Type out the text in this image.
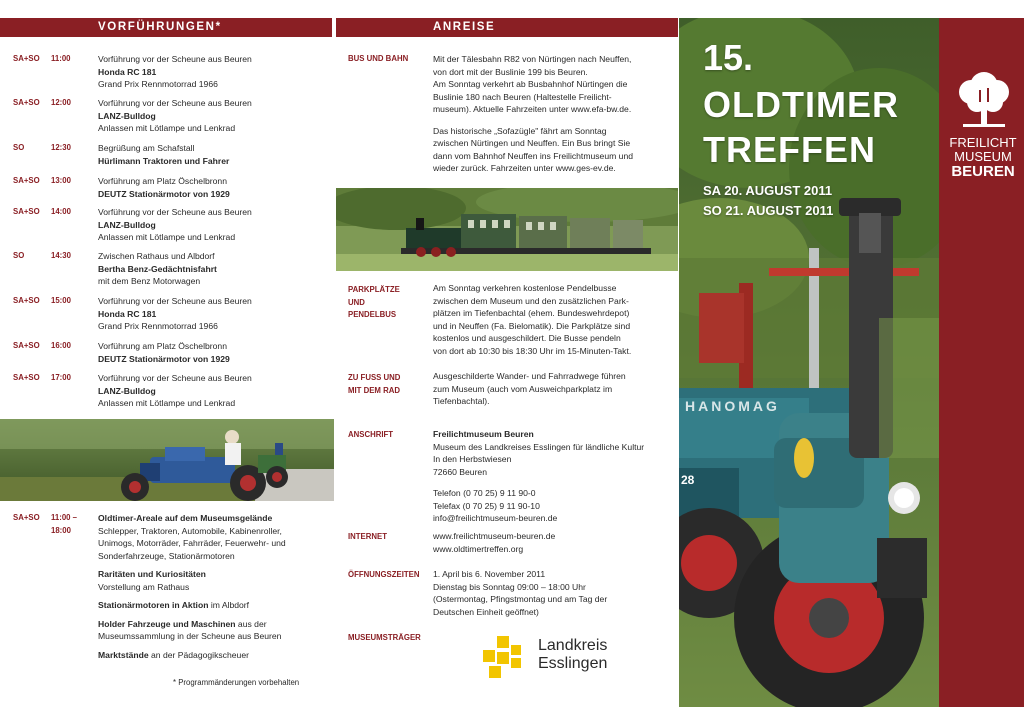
VORFÜHRUNGEN*	ANREISE
SA+SO 11:00	Vorführung vor der Scheune aus Beuren
Honda RC 181
Grand Prix Rennmotorrad 1966
SA+SO 12:00	Vorführung vor der Scheune aus Beuren
LANZ-Bulldog
Anlassen mit Lötlampe und Lenkrad
SO	12:30	Begrüßung am Schafstall
Hürlimann Traktoren und Fahrer
SA+SO 13:00	Vorführung am Platz Öschelbronn
DEUTZ Stationärmotor von 1929
SA+SO 14:00	Vorführung vor der Scheune aus Beuren
LANZ-Bulldog
Anlassen mit Lötlampe und Lenkrad
SO	14:30	Zwischen Rathaus und Albdorf
Bertha Benz-Gedächtnisfahrt
mit dem Benz Motorwagen
SA+SO 15:00	Vorführung vor der Scheune aus Beuren
Honda RC 181
Grand Prix Rennmotorrad 1966
SA+SO 16:00	Vorführung am Platz Öschelbronn
DEUTZ Stationärmotor von 1929
SA+SO 17:00	Vorführung vor der Scheune aus Beuren
LANZ-Bulldog
Anlassen mit Lötlampe und Lenkrad
SA+SO 11:00 –
18:00
Oldtimer-Areale auf dem Museumsgelände
Schlepper, Traktoren, Automobile, Kabinenroller,
Unimogs, Motorräder, Fahrräder, Feuerwehr- und
Sonderfahrzeuge, Stationärmotoren
Raritäten und Kuriositäten
Vorstellung am Rathaus
Stationärmotoren in Aktion im Albdorf
Holder Fahrzeuge und Maschinen aus der
Museumssammlung in der Scheune aus Beuren
Marktstände an der Pädagogikscheuer
* Programmänderungen vorbehalten
BUS UND BAHN	Mit der Tälesbahn R82 von Nürtingen nach Neuffen,
von dort mit der Buslinie 199 bis Beuren.
Am Sonntag verkehrt ab Busbahnhof Nürtingen die
Buslinie 180 nach Beuren (Haltestelle Freilicht-
museum). Aktuelle Fahrzeiten unter www.efa-bw.de.
Das historische „Sofazügle" fährt am Sonntag
zwischen Nürtingen und Neuffen. Ein Bus bringt Sie
dann vom Bahnhof Neuffen ins Freilichtmuseum und
wieder zurück. Fahrzeiten unter www.ges-ev.de.
PARKPLÄTZE
UND
PENDELBUS
Am Sonntag verkehren kostenlose Pendelbusse
zwischen dem Museum und den zusätzlichen Park-
plätzen im Tiefenbachtal (ehem. Bundeswehrdepot)
und in Neuffen (Fa. Bielomatik). Die Parkplätze sind
kostenlos und ausgeschildert. Die Busse pendeln
von dort ab 10:30 bis 18:30 Uhr im 15-Minuten-Takt.
ZU FUSS UND
MIT DEM RAD
Ausgeschilderte Wander- und Fahrradwege führen
zum Museum (auch vom Ausweichparkplatz im
Tiefenbachtal).
ANSCHRIFT	Freilichtmuseum Beuren
Museum des Landkreises Esslingen für ländliche Kultur
In den Herbstwiesen
72660 Beuren
Telefon (0 70 25) 9 11 90-0
Telefax (0 70 25) 9 11 90-10
info@freilichtmuseum-beuren.de
INTERNET	www.freilichtmuseum-beuren.de
www.oldtimertreffen.org
ÖFFNUNGSZEITEN 1. April bis 6. November 2011
Dienstag bis Sonntag 09:00 – 18:00 Uhr
(Ostermontag, Pfingstmontag und am Tag der
Deutschen Einheit geöffnet)
MUSEUMSTRÄGER	Landkreis
Esslingen
HANOMAG
28
15.
OLDTIMER
TREFFEN
SA 20. AUGUST 2011
SO 21. AUGUST 2011
FREILICHT
MUSEUM
BEUREN
